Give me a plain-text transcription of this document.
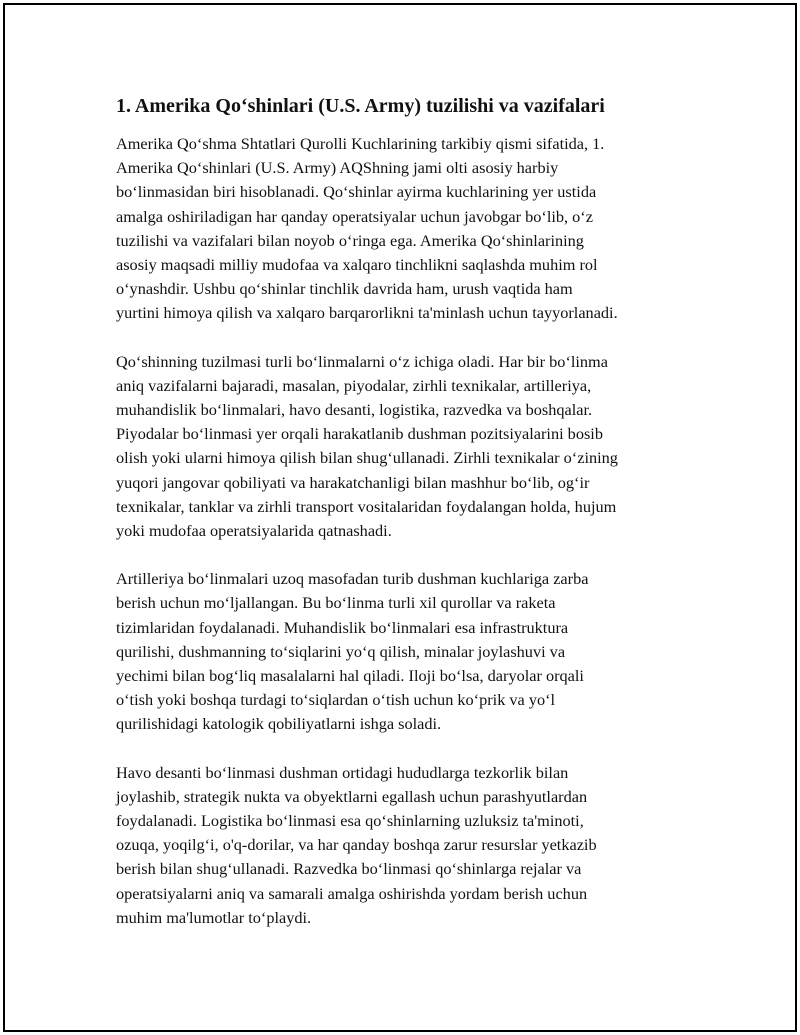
1. Amerika Qo‘shinlari (U.S. Army) tuzilishi va vazifalari

Amerika Qo‘shma Shtatlari Qurolli Kuchlarining tarkibiy qismi sifatida, 1.
Amerika Qo‘shinlari (U.S. Army) AQShning jami olti asosiy harbiy
bo‘linmasidan biri hisoblanadi. Qo‘shinlar ayirma kuchlarining yer ustida
amalga oshiriladigan har qanday operatsiyalar uchun javobgar bo‘lib, o‘z
tuzilishi va vazifalari bilan noyob o‘ringa ega. Amerika Qo‘shinlarining
asosiy maqsadi milliy mudofaa va xalqaro tinchlikni saqlashda muhim rol
o‘ynashdir. Ushbu qo‘shinlar tinchlik davrida ham, urush vaqtida ham
yurtini himoya qilish va xalqaro barqarorlikni ta'minlash uchun tayyorlanadi.

Qo‘shinning tuzilmasi turli bo‘linmalarni o‘z ichiga oladi. Har bir bo‘linma
aniq vazifalarni bajaradi, masalan, piyodalar, zirhli texnikalar, artilleriya,
muhandislik bo‘linmalari, havo desanti, logistika, razvedka va boshqalar.
Piyodalar bo‘linmasi yer orqali harakatlanib dushman pozitsiyalarini bosib
olish yoki ularni himoya qilish bilan shug‘ullanadi. Zirhli texnikalar o‘zining
yuqori jangovar qobiliyati va harakatchanligi bilan mashhur bo‘lib, og‘ir
texnikalar, tanklar va zirhli transport vositalaridan foydalangan holda, hujum
yoki mudofaa operatsiyalarida qatnashadi.

Artilleriya bo‘linmalari uzoq masofadan turib dushman kuchlariga zarba
berish uchun mo‘ljallangan. Bu bo‘linma turli xil qurollar va raketa
tizimlaridan foydalanadi. Muhandislik bo‘linmalari esa infrastruktura
qurilishi, dushmanning to‘siqlarini yo‘q qilish, minalar joylashuvi va
yechimi bilan bog‘liq masalalarni hal qiladi. Iloji bo‘lsa, daryolar orqali
o‘tish yoki boshqa turdagi to‘siqlardan o‘tish uchun ko‘prik va yo‘l
qurilishidagi katologik qobiliyatlarni ishga soladi.

Havo desanti bo‘linmasi dushman ortidagi hududlarga tezkorlik bilan
joylashib, strategik nukta va obyektlarni egallash uchun parashyutlardan
foydalanadi. Logistika bo‘linmasi esa qo‘shinlarning uzluksiz ta'minoti,
ozuqa, yoqilg‘i, o'q-dorilar, va har qanday boshqa zarur resurslar yetkazib
berish bilan shug‘ullanadi. Razvedka bo‘linmasi qo‘shinlarga rejalar va
operatsiyalarni aniq va samarali amalga oshirishda yordam berish uchun
muhim ma'lumotlar to‘playdi.
